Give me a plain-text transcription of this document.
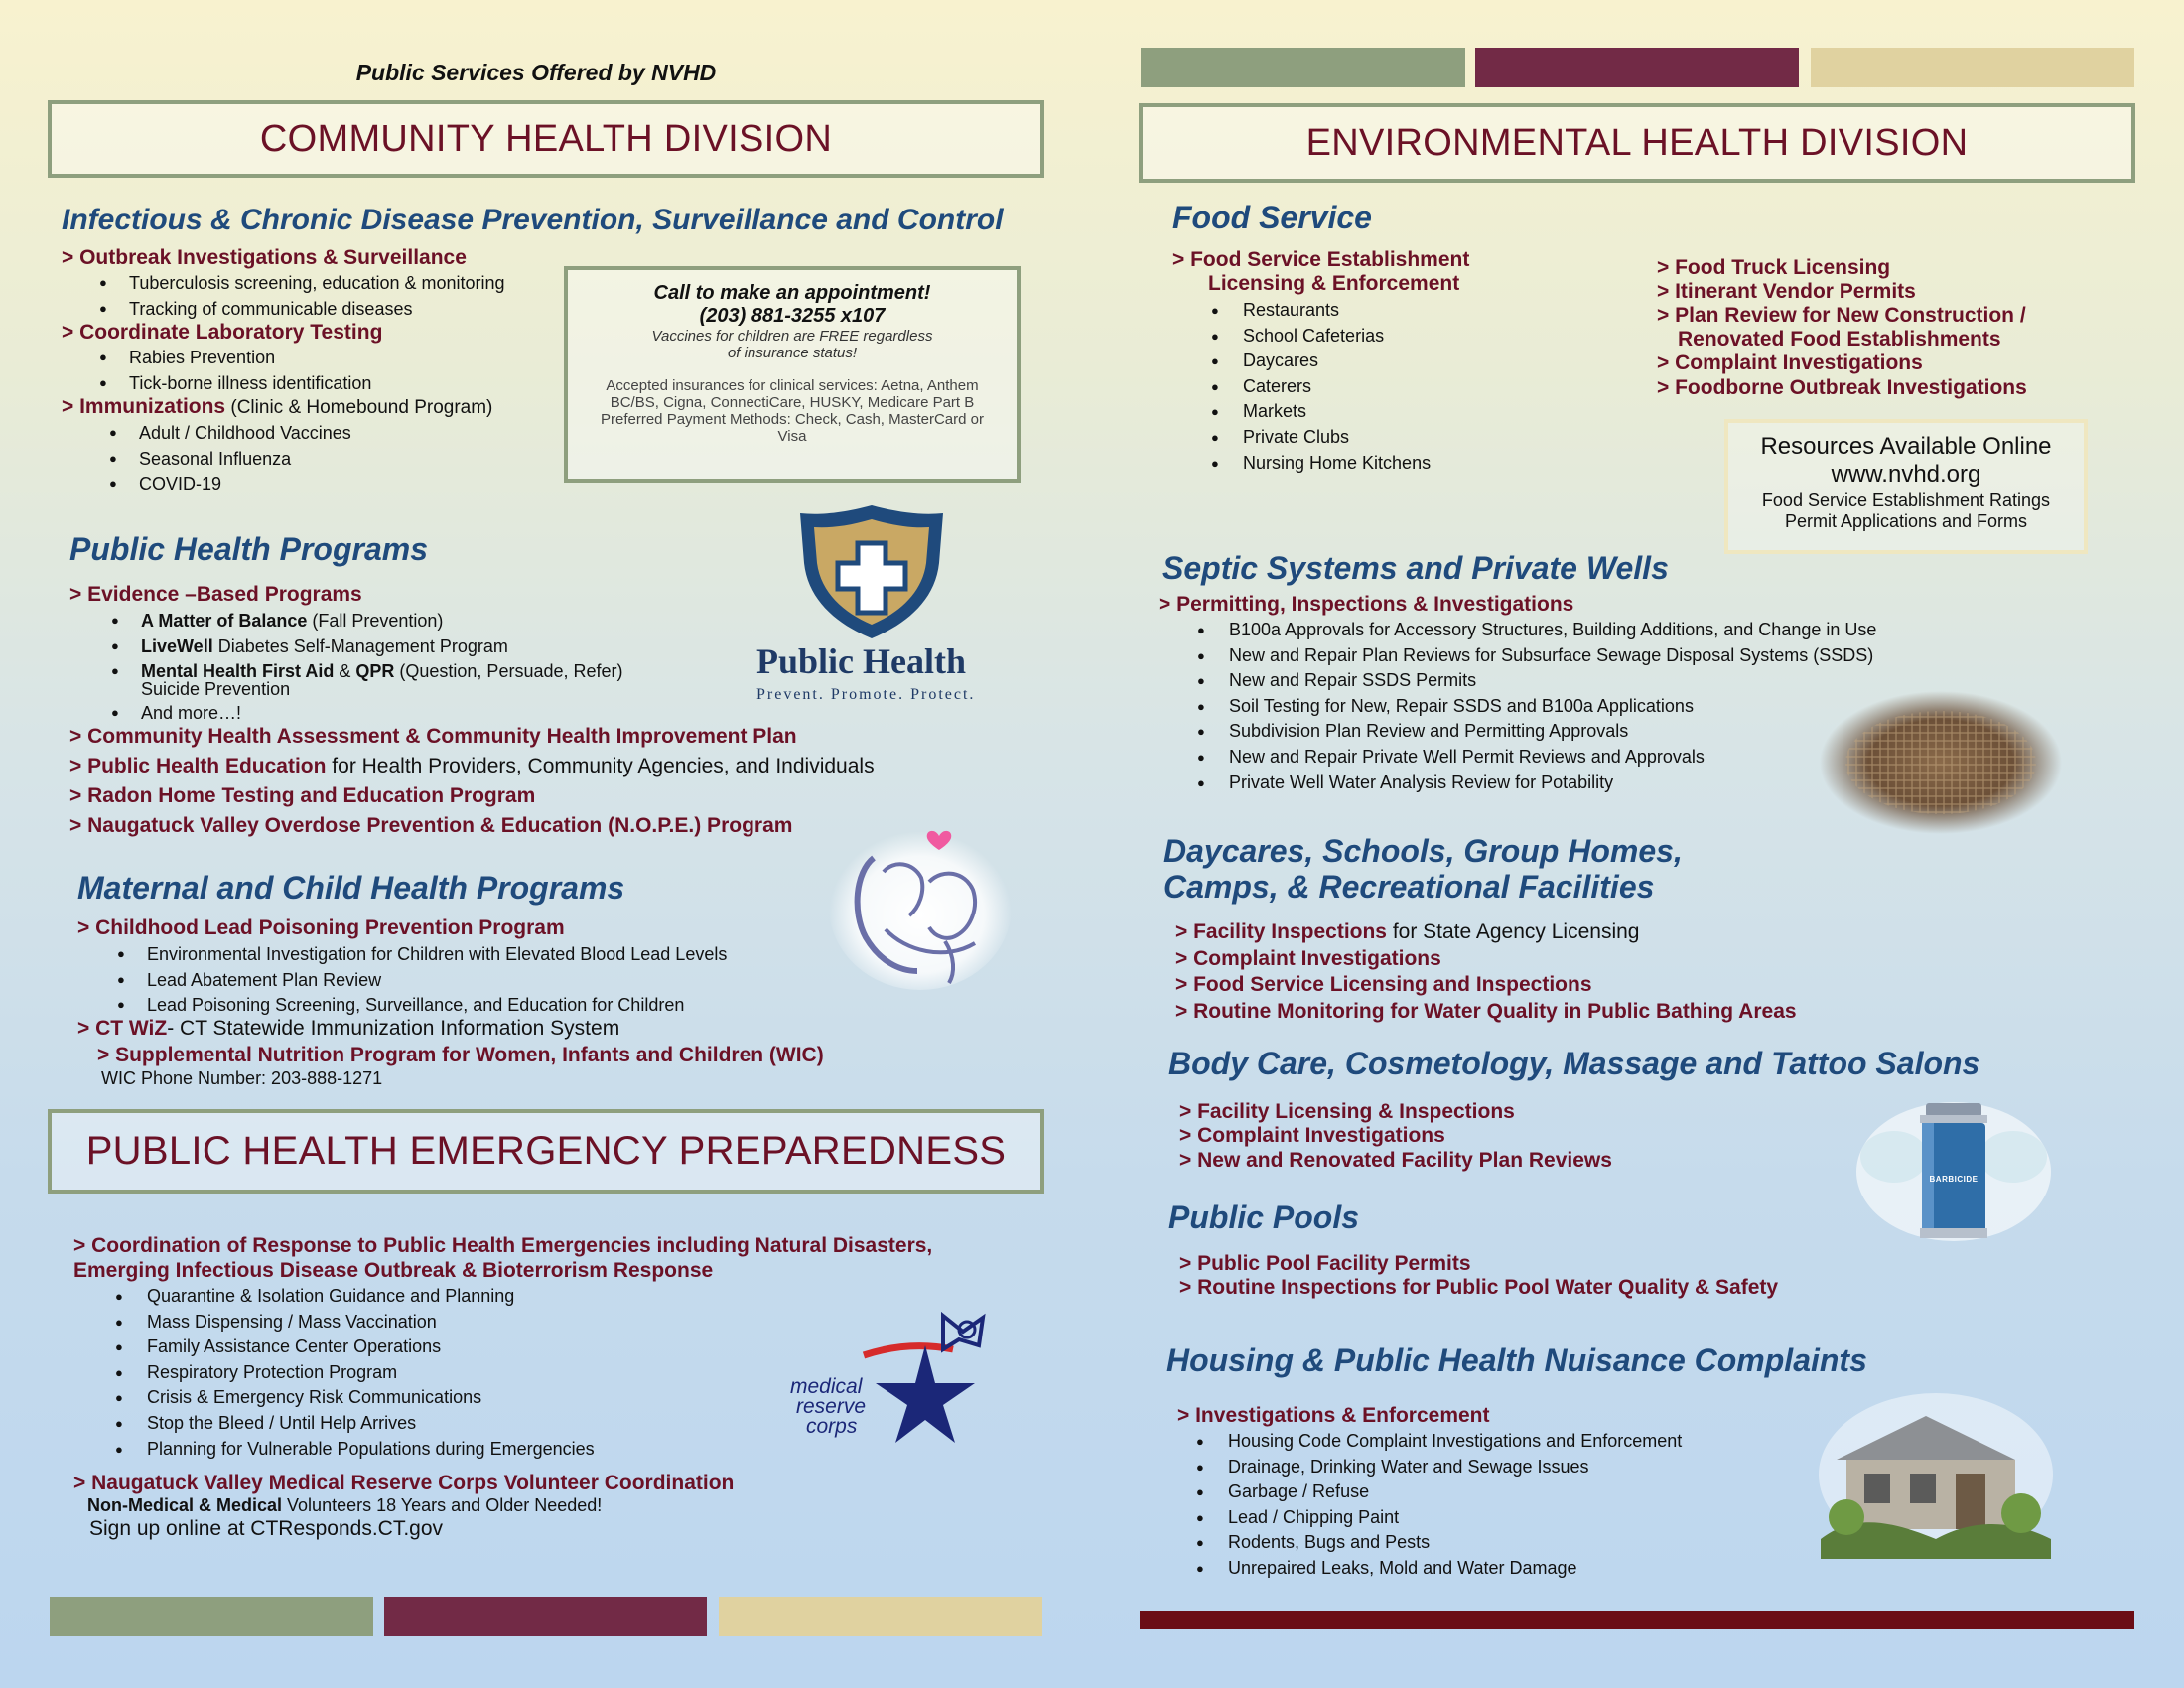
Public Services Offered by NVHD
COMMUNITY HEALTH DIVISION
Infectious & Chronic Disease Prevention, Surveillance and Control
> Outbreak Investigations & Surveillance
● Tuberculosis screening, education & monitoring
● Tracking of communicable diseases
> Coordinate Laboratory Testing
● Rabies Prevention
● Tick-borne illness identification
> Immunizations (Clinic & Homebound Program)
● Adult / Childhood Vaccines
● Seasonal Influenza
● COVID-19
Call to make an appointment!
(203) 881-3255 x107
Vaccines for children are FREE regardless
of insurance status!
Accepted insurances for clinical services: Aetna, Anthem
BC/BS, Cigna, ConnectiCare, HUSKY, Medicare Part B
Preferred Payment Methods: Check, Cash, MasterCard or
Visa
Public Health
Prevent. Promote. Protect.
Public Health Programs
> Evidence –Based Programs
● A Matter of Balance (Fall Prevention)
● LiveWell Diabetes Self-Management Program
● Mental Health First Aid & QPR (Question, Persuade, Refer)
Suicide Prevention
● And more…!
> Community Health Assessment & Community Health Improvement Plan
> Public Health Education for Health Providers, Community Agencies, and Individuals
> Radon Home Testing and Education Program
> Naugatuck Valley Overdose Prevention & Education (N.O.P.E.) Program
Maternal and Child Health Programs
> Childhood Lead Poisoning Prevention Program
● Environmental Investigation for Children with Elevated Blood Lead Levels
● Lead Abatement Plan Review
● Lead Poisoning Screening, Surveillance, and Education for Children
> CT WiZ- CT Statewide Immunization Information System
> Supplemental Nutrition Program for Women, Infants and Children (WIC)
WIC Phone Number: 203-888-1271
PUBLIC HEALTH EMERGENCY PREPAREDNESS
> Coordination of Response to Public Health Emergencies including Natural Disasters,
Emerging Infectious Disease Outbreak & Bioterrorism Response
● Quarantine & Isolation Guidance and Planning
● Mass Dispensing / Mass Vaccination
● Family Assistance Center Operations
● Respiratory Protection Program
● Crisis & Emergency Risk Communications
● Stop the Bleed / Until Help Arrives
● Planning for Vulnerable Populations during Emergencies
medical
reserve
corps
> Naugatuck Valley Medical Reserve Corps Volunteer Coordination
Non-Medical & Medical Volunteers 18 Years and Older Needed!
Sign up online at CTResponds.CT.gov
ENVIRONMENTAL HEALTH DIVISION
Food Service
> Food Service Establishment
Licensing & Enforcement
● Restaurants
● School Cafeterias
● Daycares
● Caterers
● Markets
● Private Clubs
● Nursing Home Kitchens
> Food Truck Licensing
> Itinerant Vendor Permits
> Plan Review for New Construction /
Renovated Food Establishments
> Complaint Investigations
> Foodborne Outbreak Investigations
Resources Available Online
www.nvhd.org
Food Service Establishment Ratings
Permit Applications and Forms
Septic Systems and Private Wells
> Permitting, Inspections & Investigations
● B100a Approvals for Accessory Structures, Building Additions, and Change in Use
● New and Repair Plan Reviews for Subsurface Sewage Disposal Systems (SSDS)
● New and Repair SSDS Permits
● Soil Testing for New, Repair SSDS and B100a Applications
● Subdivision Plan Review and Permitting Approvals
● New and Repair Private Well Permit Reviews and Approvals
● Private Well Water Analysis Review for Potability
Daycares, Schools, Group Homes,
Camps, & Recreational Facilities
> Facility Inspections for State Agency Licensing
> Complaint Investigations
> Food Service Licensing and Inspections
> Routine Monitoring for Water Quality in Public Bathing Areas
Body Care, Cosmetology, Massage and Tattoo Salons
> Facility Licensing & Inspections
> Complaint Investigations
> New and Renovated Facility Plan Reviews
BARBICIDE
Public Pools
> Public Pool Facility Permits
> Routine Inspections for Public Pool Water Quality & Safety
Housing & Public Health Nuisance Complaints
> Investigations & Enforcement
● Housing Code Complaint Investigations and Enforcement
● Drainage, Drinking Water and Sewage Issues
● Garbage / Refuse
● Lead / Chipping Paint
● Rodents, Bugs and Pests
● Unrepaired Leaks, Mold and Water Damage
